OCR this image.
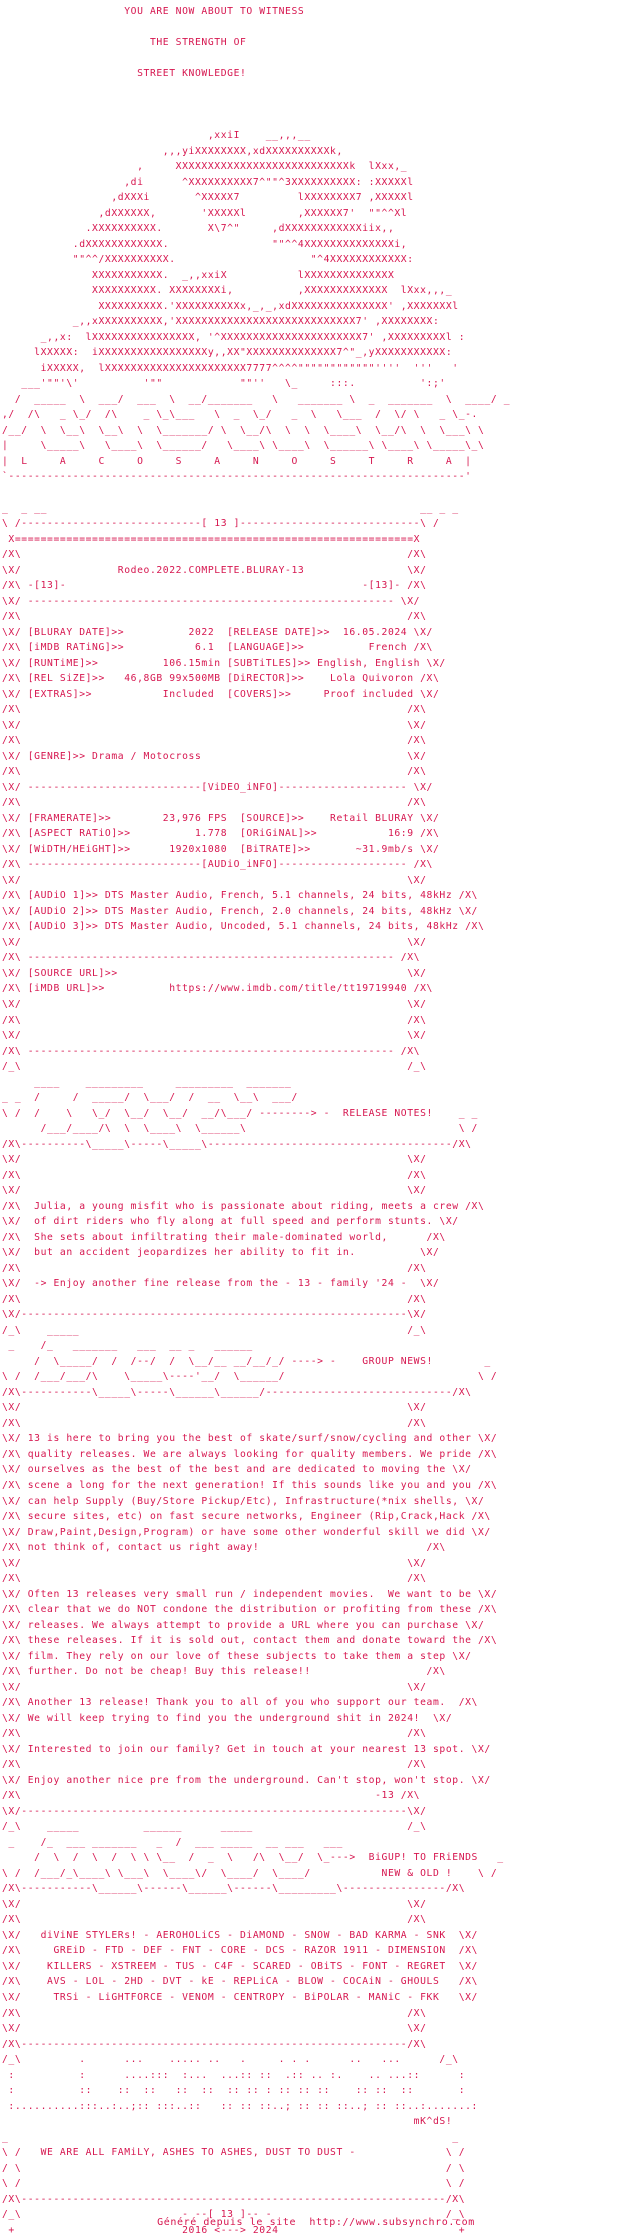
YOU ARE NOW ABOUT TO WITNESS

THE STRENGTH OF

STREET KNOWLEDGE!

,xxiI    __,,,__
,,,yiXXXXXXXX,xdXXXXXXXXXXk,
,     XXXXXXXXXXXXXXXXXXXXXXXXXXXk  lXxx,_
,di      ^XXXXXXXXXX7^""^3XXXXXXXXXX: :XXXXXl
,dXXXi       ^XXXXX7         lXXXXXXXX7 ,XXXXXl
,dXXXXXX,       'XXXXXl        ,XXXXXX7'  ""^^Xl
.XXXXXXXXXX.       X\7^"     ,dXXXXXXXXXXXXiix,,
.dXXXXXXXXXXXX.                ""^^4XXXXXXXXXXXXXXi,
""^^/XXXXXXXXXX.                     "^4XXXXXXXXXXXX:
XXXXXXXXXXX.  _,,xxiX           lXXXXXXXXXXXXXX
XXXXXXXXXX. XXXXXXXXi,          ,XXXXXXXXXXXXX  lXxx,,,_
XXXXXXXXXX.'XXXXXXXXXXx,_,_,xdXXXXXXXXXXXXXXX' ,XXXXXXXl
_,,xXXXXXXXXXX,'XXXXXXXXXXXXXXXXXXXXXXXXXXXX7' ,XXXXXXXX:
_,,x:  lXXXXXXXXXXXXXXXX, '^XXXXXXXXXXXXXXXXXXXXXX7' ,XXXXXXXXXl :
lXXXXX:  iXXXXXXXXXXXXXXXXXy,,XX"XXXXXXXXXXXXXX7^"_,yXXXXXXXXXXX:
iXXXXX,  lXXXXXXXXXXXXXXXXXXXXXX7777^^^^""""""""""""''''  '''   '
___'""'\'          '""            ""''   \_     :::.          ':;'
/  _____  \  ___/  ___  \  __/_______   \   _______ \  _  _______  \  ____/ _
,/  /\   _ \_/  /\    _ \_\___   \  _  \_/   _  \   \___  /  \/ \   _ \_-.
/__/  \  \__\  \__\  \  \_______/ \  \__/\  \  \  \____\  \__/\  \  \___\ \
|     \_____\   \____\  \______/   \____\ \____\  \______\ \____\ \_____\_\
|  L     A     C     O     S     A     N     O     S     T     R     A  |
`-----------------------------------------------------------------------'

_  _ __                                                          __ _ _
\ /----------------------------[ 13 ]----------------------------\ /
X==============================================================X
/X\                                                            /X\
\X/               Rodeo.2022.COMPLETE.BLURAY-13                \X/
/X\ -[13]-                                              -[13]- /X\
\X/ --------------------------------------------------------- \X/
/X\                                                            /X\
\X/ [BLURAY DATE]>>          2022  [RELEASE DATE]>>  16.05.2024 \X/
/X\ [iMDB RATiNG]>>           6.1  [LANGUAGE]>>          French /X\
\X/ [RUNTiME]>>          106.15min [SUBTiTLES]>> English, English \X/
/X\ [REL SiZE]>>   46,8GB 99x500MB [DiRECTOR]>>    Lola Quivoron /X\
\X/ [EXTRAS]>>           Included  [COVERS]>>     Proof included \X/
/X\                                                            /X\
\X/                                                            \X/
/X\                                                            /X\
\X/ [GENRE]>> Drama / Motocross                                \X/
/X\                                                            /X\
\X/ ---------------------------[ViDEO_iNFO]-------------------- \X/
/X\                                                            /X\
\X/ [FRAMERATE]>>        23,976 FPS  [SOURCE]>>    Retail BLURAY \X/
/X\ [ASPECT RATiO]>>          1.778  [ORiGiNAL]>>           16:9 /X\
\X/ [WiDTH/HEiGHT]>>      1920x1080  [BiTRATE]>>       ~31.9mb/s \X/
/X\ ---------------------------[AUDiO_iNFO]-------------------- /X\
\X/                                                            \X/
/X\ [AUDiO 1]>> DTS Master Audio, French, 5.1 channels, 24 bits, 48kHz /X\
\X/ [AUDiO 2]>> DTS Master Audio, French, 2.0 channels, 24 bits, 48kHz \X/
/X\ [AUDiO 3]>> DTS Master Audio, Uncoded, 5.1 channels, 24 bits, 48kHz /X\
\X/                                                            \X/
/X\ --------------------------------------------------------- /X\
\X/ [SOURCE URL]>>                                             \X/
/X\ [iMDB URL]>>          https://www.imdb.com/title/tt19719940 /X\
\X/                                                            \X/
/X\                                                            /X\
\X/                                                            \X/
/X\ --------------------------------------------------------- /X\
/_\                                                            /_\
____    _________     _________  _______
_ _  /     /  _____/  \___/  /  __  \__\  ___/
\ /  /    \   \_/  \__/  \__/  __/\___/ --------> -  RELEASE NOTES!    _ _
/___/____/\  \  \____\  \______\                                 \ /
/X\----------\_____\-----\_____\--------------------------------------/X\
\X/                                                            \X/
/X\                                                            /X\
\X/                                                            \X/
/X\  Julia, a young misfit who is passionate about riding, meets a crew /X\
\X/  of dirt riders who fly along at full speed and perform stunts. \X/
/X\  She sets about infiltrating their male-dominated world,      /X\
\X/  but an accident jeopardizes her ability to fit in.          \X/
/X\                                                            /X\
\X/  -> Enjoy another fine release from the - 13 - family '24 -  \X/
/X\                                                            /X\
\X/------------------------------------------------------------\X/
/_\    _____                                                   /_\
_    /_   _______   ___  __ _   ______
/  \_____/  /  /--/  /  \__/__ __/__/_/ ----> -    GROUP NEWS!        _
\ /  /___/___/\    \_____\----'__/  \______/                              \ /
/X\-----------\_____\-----\______\______/-----------------------------/X\
\X/                                                            \X/
/X\                                                            /X\
\X/ 13 is here to bring you the best of skate/surf/snow/cycling and other \X/
/X\ quality releases. We are always looking for quality members. We pride /X\
\X/ ourselves as the best of the best and are dedicated to moving the \X/
/X\ scene a long for the next generation! If this sounds like you and you /X\
\X/ can help Supply (Buy/Store Pickup/Etc), Infrastructure(*nix shells, \X/
/X\ secure sites, etc) on fast secure networks, Engineer (Rip,Crack,Hack /X\
\X/ Draw,Paint,Design,Program) or have some other wonderful skill we did \X/
/X\ not think of, contact us right away!                          /X\
\X/                                                            \X/
/X\                                                            /X\
\X/ Often 13 releases very small run / independent movies.  We want to be \X/
/X\ clear that we do NOT condone the distribution or profiting from these /X\
\X/ releases. We always attempt to provide a URL where you can purchase \X/
/X\ these releases. If it is sold out, contact them and donate toward the /X\
\X/ film. They rely on our love of these subjects to take them a step \X/
/X\ further. Do not be cheap! Buy this release!!                  /X\
\X/                                                            \X/
/X\ Another 13 release! Thank you to all of you who support our team.  /X\
\X/ We will keep trying to find you the underground shit in 2024!  \X/
/X\                                                            /X\
\X/ Interested to join our family? Get in touch at your nearest 13 spot. \X/
/X\                                                            /X\
\X/ Enjoy another nice pre from the underground. Can't stop, won't stop. \X/
/X\                                                       -13 /X\
\X/------------------------------------------------------------\X/
/_\    _____          ______      _____                        /_\
_    /_  ___ _______   _  /  ___ _____  __ ___   ___
/  \  /  \  /  \ \ \__  /  _  \   /\  \__/  \_--->  BiGUP! TO FRiENDS   _
\ /  /___/_\____\ \___\  \____\/  \____/  \____/           NEW & OLD !    \ /
/X\-----------\______\------\______\------\_________\----------------/X\
\X/                                                            \X/
/X\                                                            /X\
\X/   diViNE STYLERs! - AEROHOLiCS - DiAMOND - SNOW - BAD KARMA - SNK  \X/
/X\     GREiD - FTD - DEF - FNT - CORE - DCS - RAZOR 1911 - DIMENSION  /X\
\X/    KILLERS - XSTREEM - TUS - C4F - SCARED - OBiTS - FONT - REGRET  \X/
/X\    AVS - LOL - 2HD - DVT - kE - REPLiCA - BLOW - COCAiN - GHOULS   /X\
\X/     TRSi - LiGHTFORCE - VENOM - CENTROPY - BiPOLAR - MANiC - FKK   \X/
/X\                                                            /X\
\X/                                                            \X/
/X\------------------------------------------------------------/X\
/_\         .      ...    ..... ..   .     . . .      ..   ...      /_\
:          :      ....:::  :...  ...:: ::  .:: .. :.    .. ...::      :
:          ::    ::  ::   ::  ::  :: :: : :: :: ::    :: ::  ::       :
:..........:::..:..;:: :::..::   :: :: ::..; :: :: ::..; :: ::..:.......:
mK^dS!
_                                                                     _
\ /   WE ARE ALL FAMiLY, ASHES TO ASHES, DUST TO DUST -              \ /
/ \                                                                  / \
\ /                                                                  \ /
/X\------------------------------------------------------------------/X\
/_\                         - --[ 13 ]-- -                           /_\
+                          2016 <---> 2024                            +

Généré depuis le site  http://www.subsynchro.com
